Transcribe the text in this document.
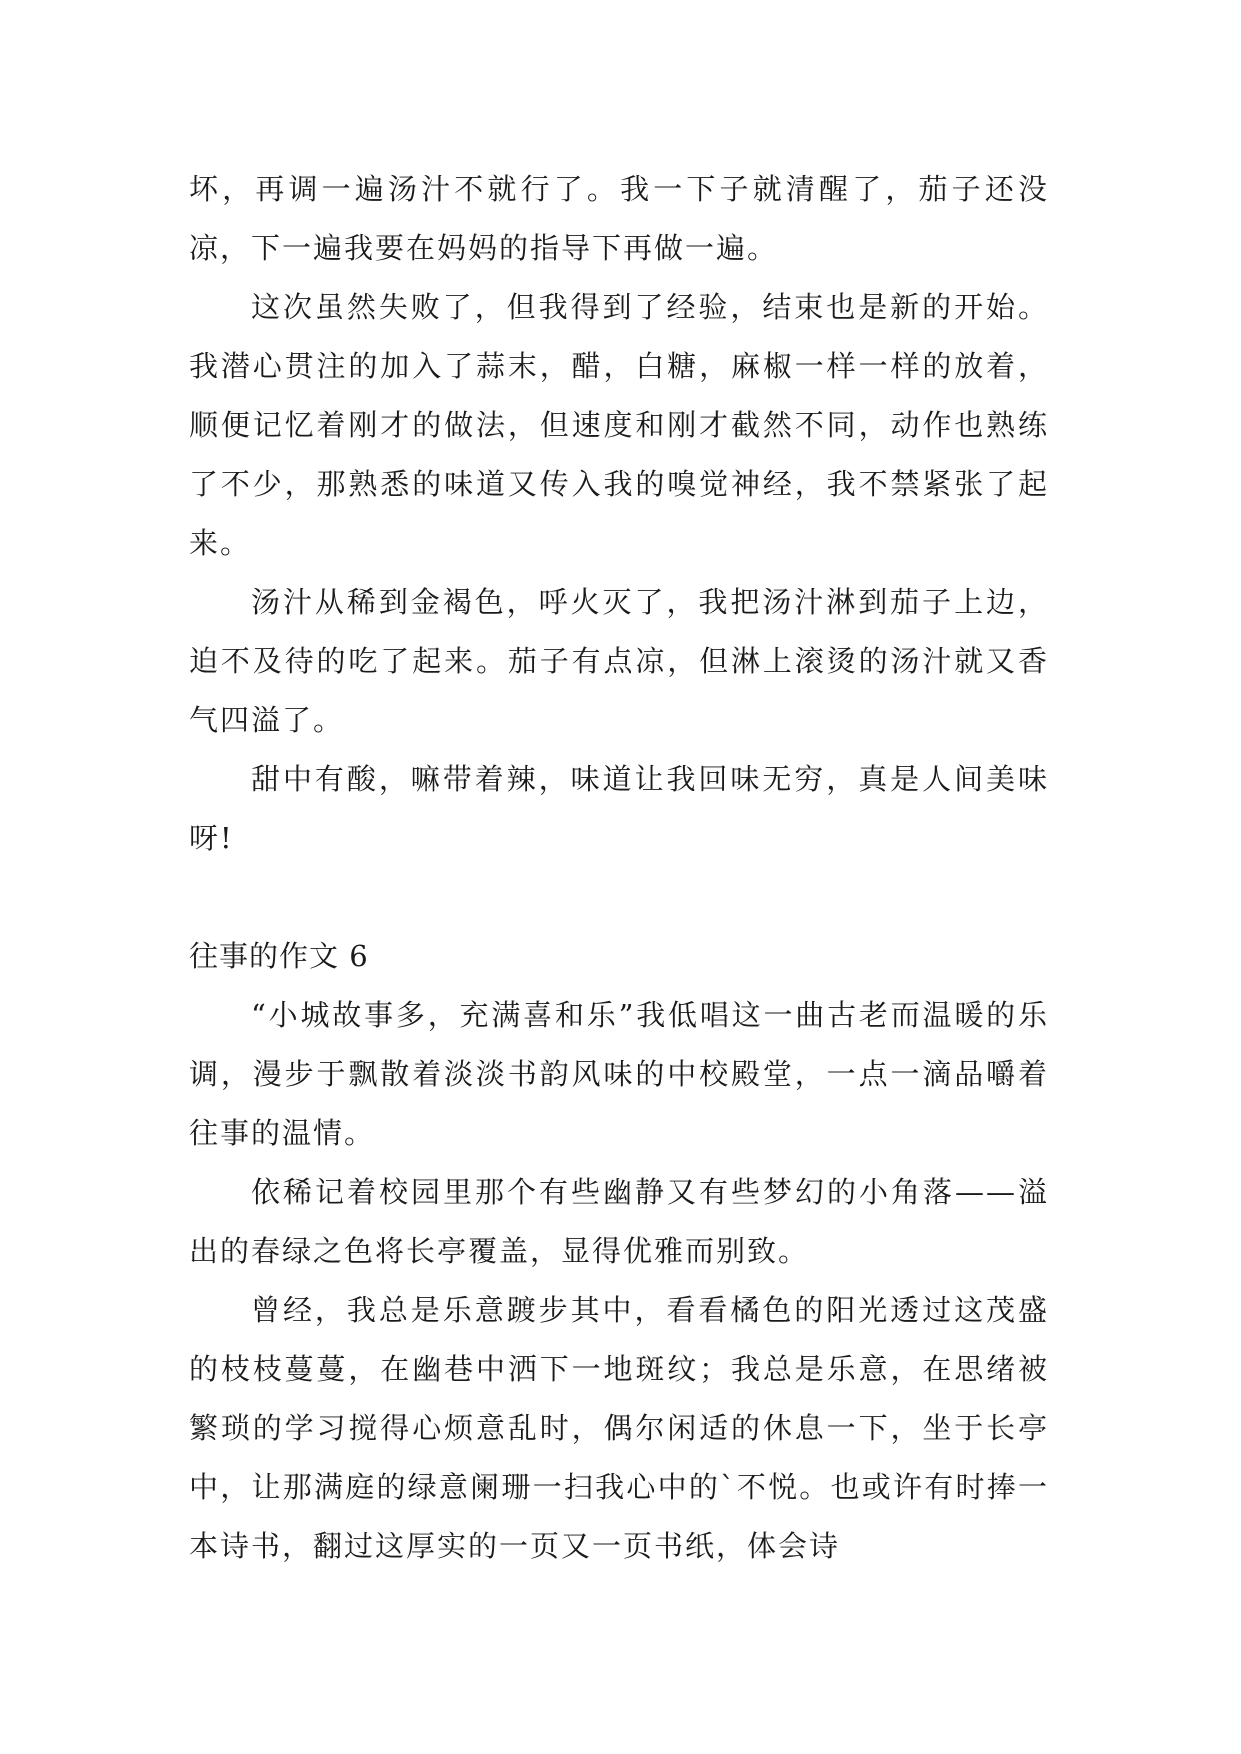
坏，再调一遍汤汁不就行了。我一下子就清醒了，茄子还没凉，下一遍我要在妈妈的指导下再做一遍。

这次虽然失败了，但我得到了经验，结束也是新的开始。我潜心贯注的加入了蒜末，醋，白糖，麻椒一样一样的放着，顺便记忆着刚才的做法，但速度和刚才截然不同，动作也熟练了不少，那熟悉的味道又传入我的嗅觉神经，我不禁紧张了起来。

汤汁从稀到金褐色，呼火灭了，我把汤汁淋到茄子上边，迫不及待的吃了起来。茄子有点凉，但淋上滚烫的汤汁就又香气四溢了。

甜中有酸，嘛带着辣，味道让我回味无穷，真是人间美味呀!

往事的作文 6

“小城故事多，充满喜和乐”我低唱这一曲古老而温暖的乐调，漫步于飘散着淡淡书韵风味的中校殿堂，一点一滴品嚼着往事的温情。

依稀记着校园里那个有些幽静又有些梦幻的小角落——溢出的春绿之色将长亭覆盖，显得优雅而别致。

曾经，我总是乐意踱步其中，看看橘色的阳光透过这茂盛的枝枝蔓蔓，在幽巷中洒下一地斑纹；我总是乐意，在思绪被繁琐的学习搅得心烦意乱时，偶尔闲适的休息一下，坐于长亭中，让那满庭的绿意阑珊一扫我心中的`不悦。也或许有时捧一本诗书，翻过这厚实的一页又一页书纸，体会诗
